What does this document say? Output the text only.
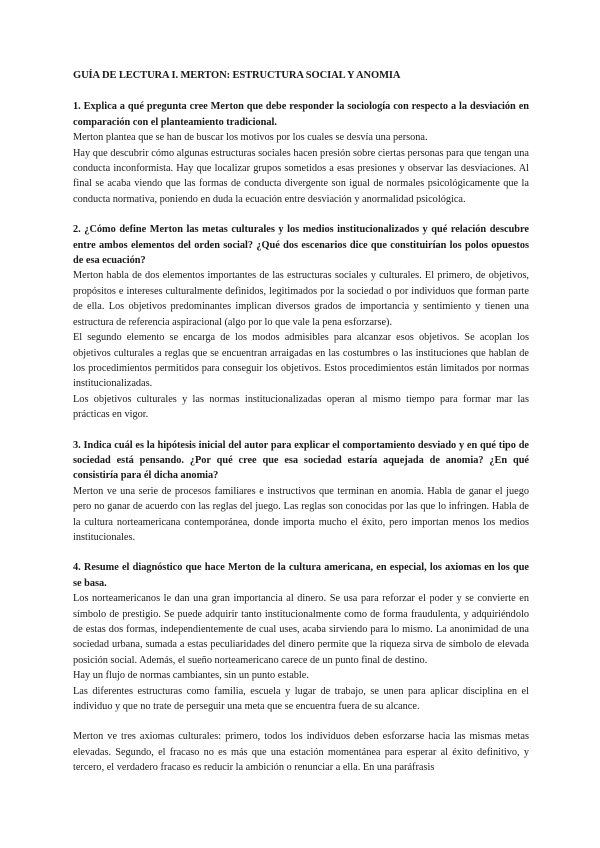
GUÍA DE LECTURA I. MERTON: ESTRUCTURA SOCIAL Y ANOMIA

1. Explica a qué pregunta cree Merton que debe responder la sociología con respecto a la desviación en comparación con el planteamiento tradicional.

Merton plantea que se han de buscar los motivos por los cuales se desvía una persona.

Hay que descubrir cómo algunas estructuras sociales hacen presión sobre ciertas personas para que tengan una conducta inconformista. Hay que localizar grupos sometidos a esas presiones y observar las desviaciones. Al final se acaba viendo que las formas de conducta divergente son igual de normales psicológicamente que la conducta normativa, poniendo en duda la ecuación entre desviación y anormalidad psicológica.

2. ¿Cómo define Merton las metas culturales y los medios institucionalizados y qué relación descubre entre ambos elementos del orden social? ¿Qué dos escenarios dice que constituirían los polos opuestos de esa ecuación?

Merton habla de dos elementos importantes de las estructuras sociales y culturales. El primero, de objetivos, propósitos e intereses culturalmente definidos, legitimados por la sociedad o por individuos que forman parte de ella. Los objetivos predominantes implican diversos grados de importancia y sentimiento y tienen una estructura de referencia aspiracional (algo por lo que vale la pena esforzarse).

El segundo elemento se encarga de los modos admisibles para alcanzar esos objetivos. Se acoplan los objetivos culturales a reglas que se encuentran arraigadas en las costumbres o las instituciones que hablan de los procedimientos permitidos para conseguir los objetivos. Estos procedimientos están limitados por normas institucionalizadas.

Los objetivos culturales y las normas institucionalizadas operan al mismo tiempo para formar mar las prácticas en vigor.

3. Indica cuál es la hipótesis inicial del autor para explicar el comportamiento desviado y en qué tipo de sociedad está pensando. ¿Por qué cree que esa sociedad estaría aquejada de anomia? ¿En qué consistiría para él dicha anomia?

Merton ve una serie de procesos familiares e instructivos que terminan en anomia. Habla de ganar el juego pero no ganar de acuerdo con las reglas del juego. Las reglas son conocidas por las que lo infringen. Habla de la cultura norteamericana contemporánea, donde importa mucho el éxito, pero importan menos los medios institucionales.

4. Resume el diagnóstico que hace Merton de la cultura americana, en especial, los axiomas en los que se basa.

Los norteamericanos le dan una gran importancia al dinero. Se usa para reforzar el poder y se convierte en símbolo de prestigio. Se puede adquirir tanto institucionalmente como de forma fraudulenta, y adquiriéndolo de estas dos formas, independientemente de cual uses, acaba sirviendo para lo mismo. La anonimidad de una sociedad urbana, sumada a estas peculiaridades del dinero permite que la riqueza sirva de símbolo de elevada posición social. Además, el sueño norteamericano carece de un punto final de destino.

Hay un flujo de normas cambiantes, sin un punto estable.

Las diferentes estructuras como familia, escuela y lugar de trabajo, se unen para aplicar disciplina en el individuo y que no trate de perseguir una meta que se encuentra fuera de su alcance.

Merton ve tres axiomas culturales: primero, todos los individuos deben esforzarse hacia las mismas metas elevadas. Segundo, el fracaso no es más que una estación momentánea para esperar al éxito definitivo, y tercero, el verdadero fracaso es reducir la ambición o renunciar a ella. En una paráfrasis
